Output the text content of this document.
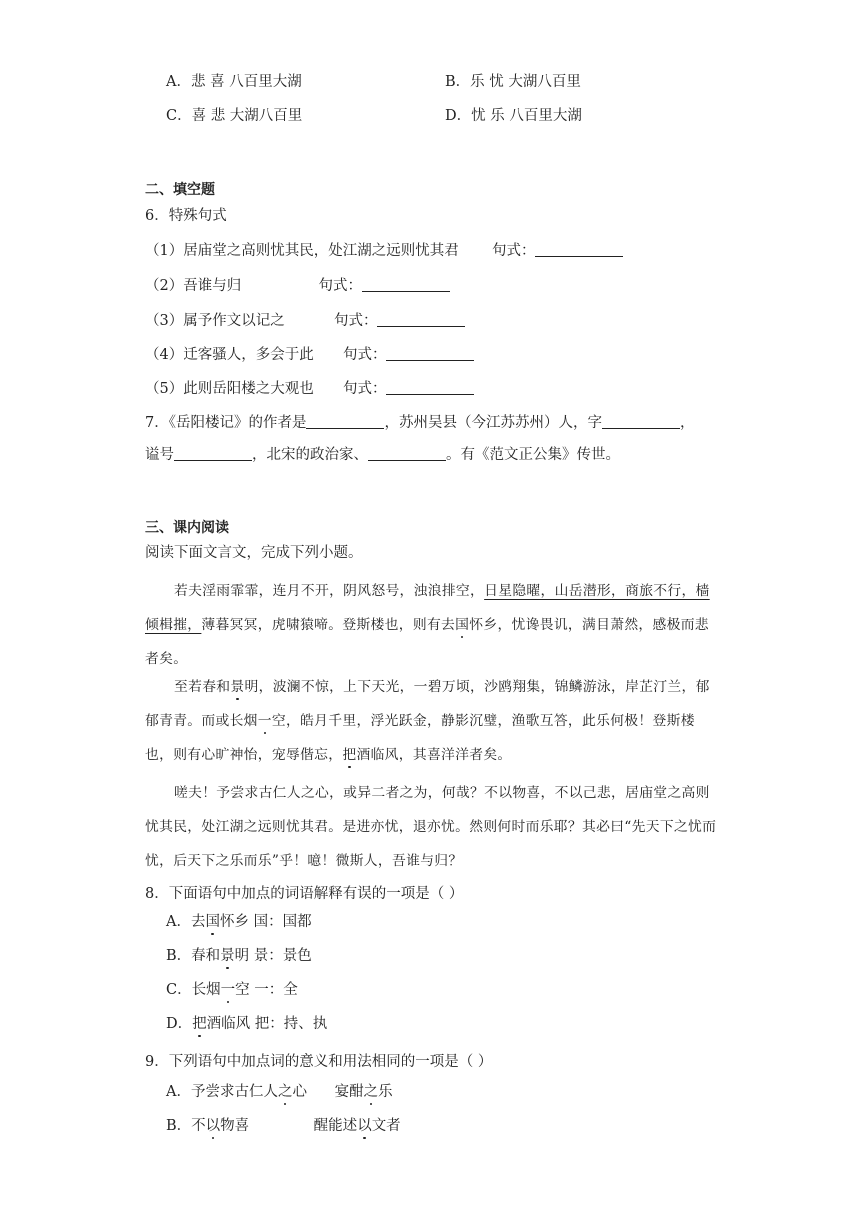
A．悲 喜 八百里大湖	B．乐 忧 大湖八百里
C．喜 悲 大湖八百里	D．忧 乐 八百里大湖
二、填空题
6．特殊句式
（1）居庙堂之高则忧其民，处江湖之远则忧其君 句式：
（2）吾谁与归	句式：
（3）属予作文以记之	句式：
（4）迁客骚人，多会于此 句式：
（5）此则岳阳楼之大观也 句式：
7．《岳阳楼记》的作者是	，苏州吴县（今江苏苏州）人，字	，
谥号	，北宋的政治家、	。有《范文正公集》传世。
三、课内阅读
阅读下面文言文，完成下列小题。
若夫淫雨霏霏，连月不开，阴风怒号，浊浪排空，日星隐曜，山岳潜形，商旅不行，樯倾楫摧，薄暮冥冥，虎啸猿啼。登斯楼也，则有去国怀乡，忧谗畏讥，满目萧然，感极而悲者矣。
至若春和景明，波澜不惊，上下天光，一碧万顷，沙鸥翔集，锦鳞游泳，岸芷汀兰，郁郁青青。而或长烟一空，皓月千里，浮光跃金，静影沉璧，渔歌互答，此乐何极！登斯楼也，则有心旷神怡，宠辱偕忘，把酒临风，其喜洋洋者矣。
嗟夫！予尝求古仁人之心，或异二者之为，何哉？不以物喜，不以己悲，居庙堂之高则忧其民，处江湖之远则忧其君。是进亦忧，退亦忧。然则何时而乐耶？其必曰“先天下之忧而忧，后天下之乐而乐”乎！噫！微斯人，吾谁与归？
8．下面语句中加点的词语解释有误的一项是（ ）
A．去国怀乡 国：国都
B．春和景明 景：景色
C．长烟一空 一：全
D．把酒临风 把：持、执
9．下列语句中加点词的意义和用法相同的一项是（ ）
A．予尝求古仁人之心      宴酣之乐
B．不以物喜              醒能述以文者
